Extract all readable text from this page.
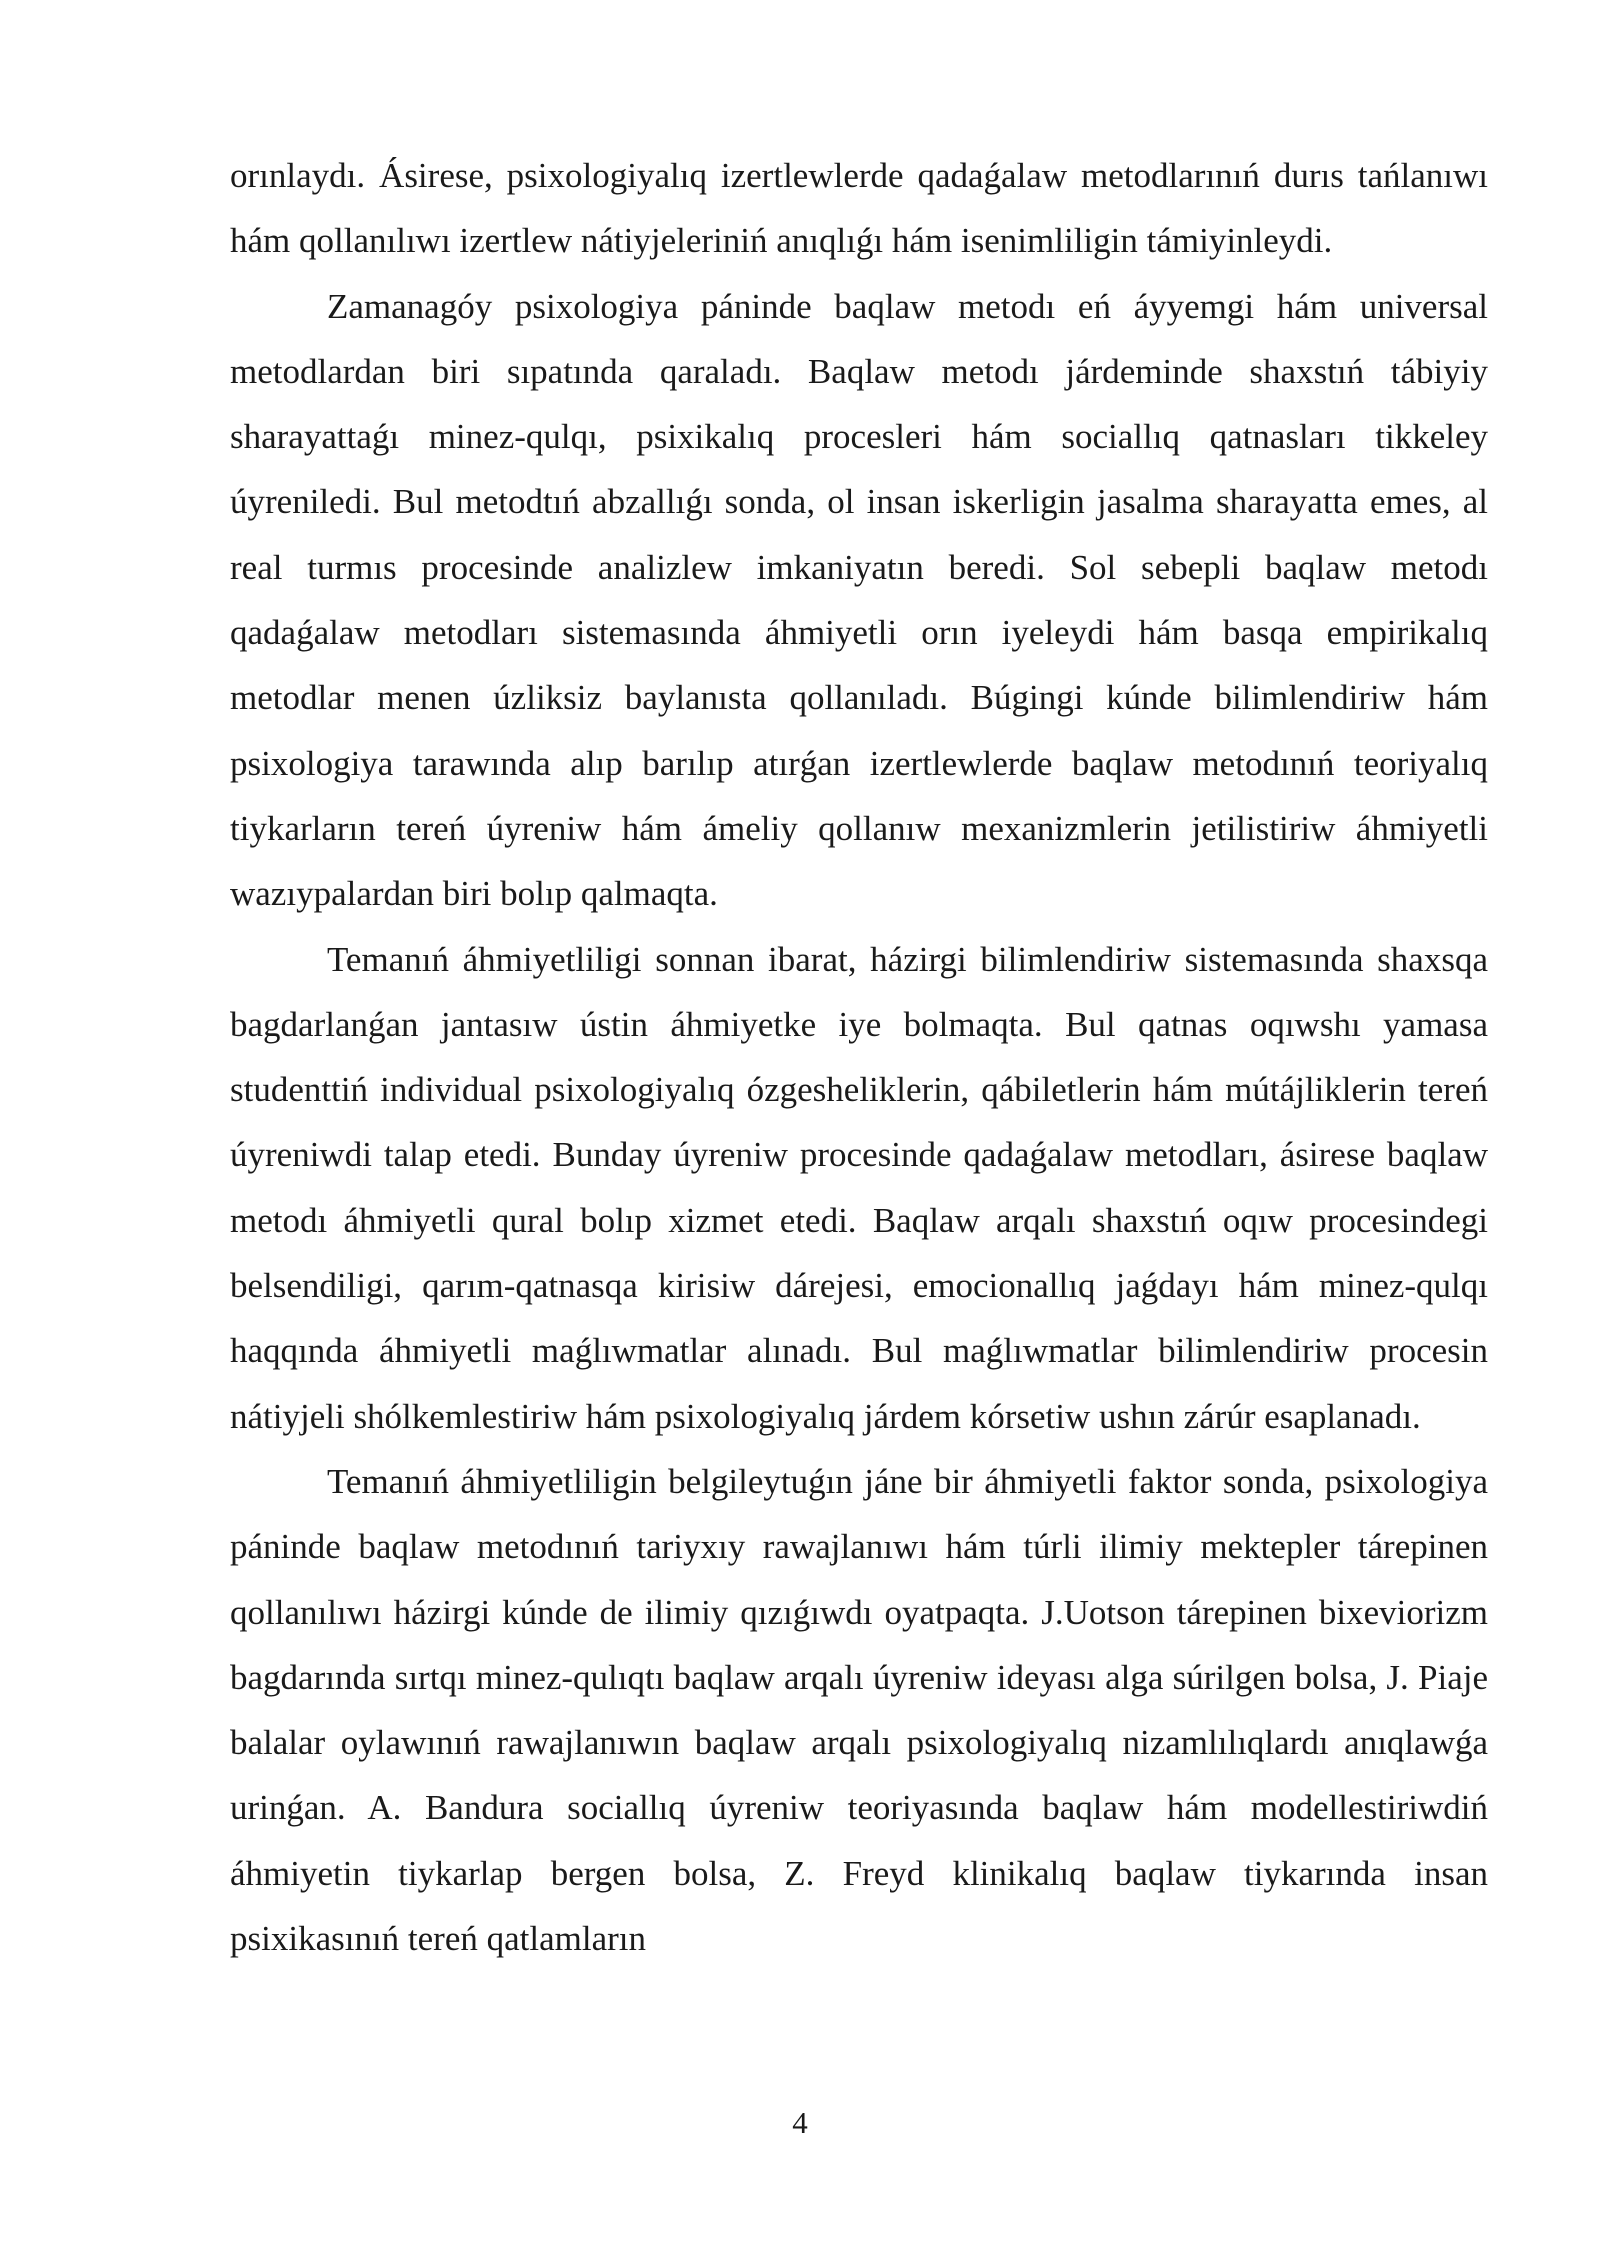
orınlaydı. Ásirese, psixologiyalıq izertlewlerde qadaǵalaw metodlarınıń durıs tańlanıwı hám qollanılıwı izertlew nátiyjeleriniń anıqlıǵı hám isenimliligin támiyinleydi.

Zamanagóy psixologiya páninde baqlaw metodı eń áyyemgi hám universal metodlardan biri sıpatında qaraladı. Baqlaw metodı járdeminde shaxstıń tábiyiy sharayattaǵı minez-qulqı, psixikalıq procesleri hám sociallıq qatnasları tikkeley úyreniledi. Bul metodtıń abzallıǵı sonda, ol insan iskerligin jasalma sharayatta emes, al real turmıs procesinde analizlew imkaniyatın beredi. Sol sebepli baqlaw metodı qadaǵalaw metodları sistemasında áhmiyetli orın iyeleydi hám basqa empirikalıq metodlar menen úzliksiz baylanısta qollanıladı. Búgingi kúnde bilimlendiriw hám psixologiya tarawında alıp barılıp atırǵan izertlewlerde baqlaw metodınıń teoriyalıq tiykarların tereń úyreniw hám ámeliy qollanıw mexanizmlerin jetilistiriw áhmiyetli wazıypalardan biri bolıp qalmaqta.

Temanıń áhmiyetliligi sonnan ibarat, házirgi bilimlendiriw sistemasında shaxsqa bagdarlanǵan jantasıw ústin áhmiyetke iye bolmaqta. Bul qatnas oqıwshı yamasa studenttiń individual psixologiyalıq ózgesheliklerin, qábiletlerin hám mútájliklerin tereń úyreniwdi talap etedi. Bunday úyreniw procesinde qadaǵalaw metodları, ásirese baqlaw metodı áhmiyetli qural bolıp xizmet etedi. Baqlaw arqalı shaxstıń oqıw procesindegi belsendiligi, qarım-qatnasqa kirisiw dárejesi, emocionallıq jaǵdayı hám minez-qulqı haqqında áhmiyetli maǵlıwmatlar alınadı. Bul maǵlıwmatlar bilimlendiriw procesin nátiyjeli shólkemlestiriw hám psixologiyalıq járdem kórsetiw ushın zárúr esaplanadı.

Temanıń áhmiyetliligin belgileytuǵın jáne bir áhmiyetli faktor sonda, psixologiya páninde baqlaw metodınıń tariyxıy rawajlanıwı hám túrli ilimiy mektepler tárepinen qollanılıwı házirgi kúnde de ilimiy qızıǵıwdı oyatpaqta. J.Uotson tárepinen bixeviorizm bagdarında sırtqı minez-qulıqtı baqlaw arqalı úyreniw ideyası alga súrilgen bolsa, J. Piaje balalar oylawınıń rawajlanıwın baqlaw arqalı psixologiyalıq nizamlılıqlardı anıqlawǵa urinǵan. A. Bandura sociallıq úyreniw teoriyasında baqlaw hám modellestiriwdiń áhmiyetin tiykarlap bergen bolsa, Z. Freyd klinikalıq baqlaw tiykarında insan psixikasınıń tereń qatlamların

4
